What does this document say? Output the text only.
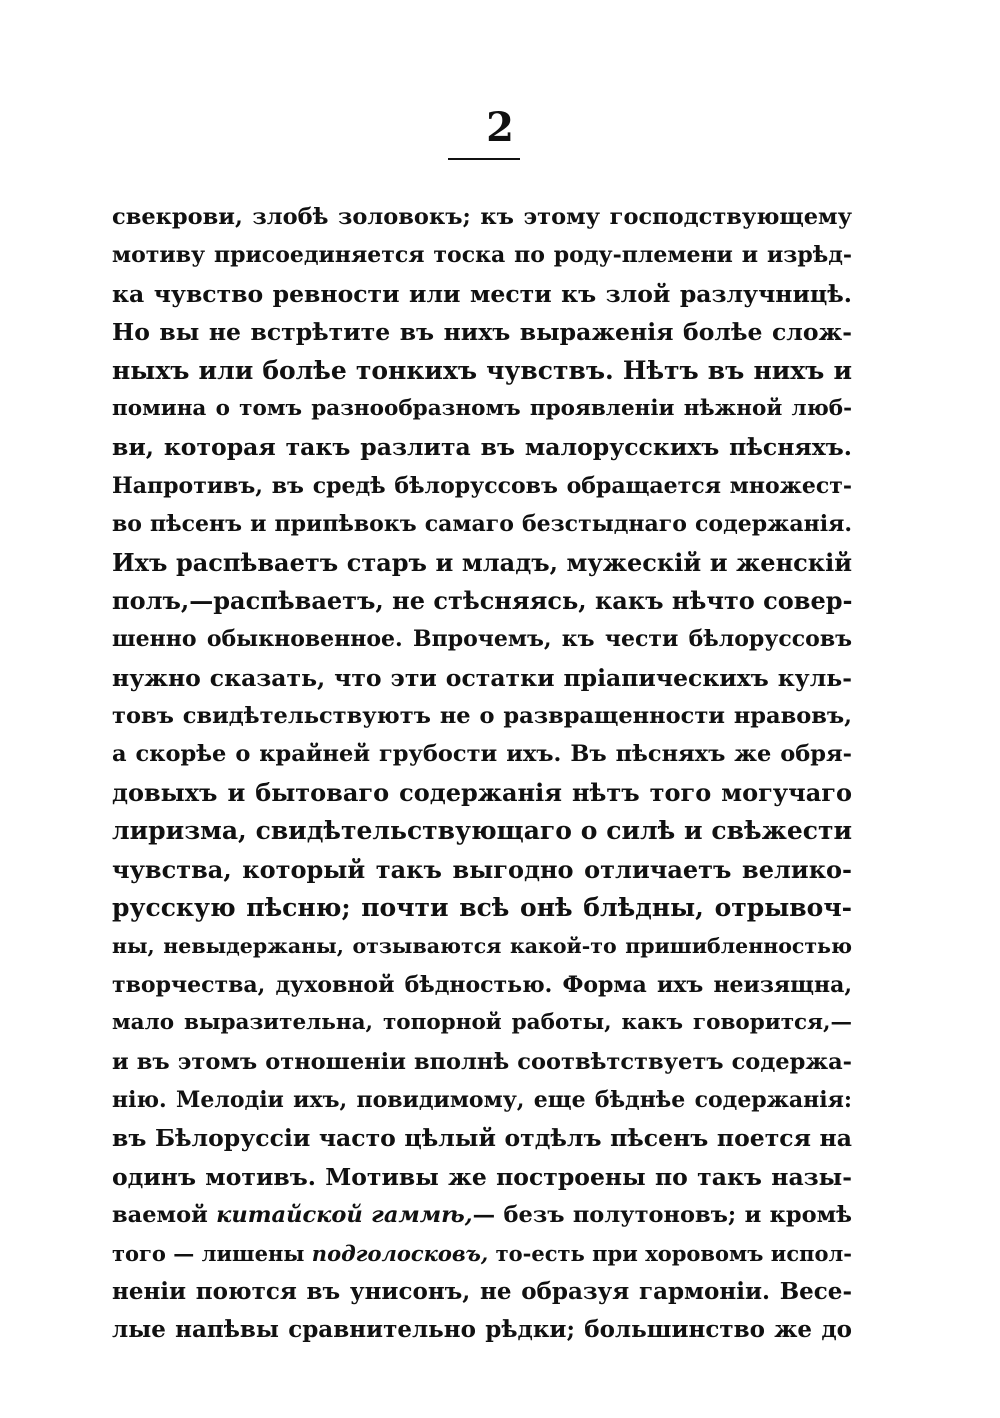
2
свекрови, злобѣ золовокъ; къ этому господствующему
мотиву присоединяется тоска по роду-племени и изрѣд-
ка чувство ревности или мести къ злой разлучницѣ.
Но вы не встрѣтите въ нихъ выраженія болѣе слож-
ныхъ или болѣе тонкихъ чувствъ. Нѣтъ въ нихъ и
помина о томъ разнообразномъ проявленіи нѣжной люб-
ви, которая такъ разлита въ малорусскихъ пѣсняхъ.
Напротивъ, въ средѣ бѣлоруссовъ обращается множест-
во пѣсенъ и припѣвокъ самаго безстыднаго содержанія.
Ихъ распѣваетъ старъ и младъ, мужескій и женскій
полъ,—распѣваетъ, не стѣсняясь, какъ нѣчто совер-
шенно обыкновенное. Впрочемъ, къ чести бѣлоруссовъ
нужно сказать, что эти остатки пріапическихъ куль-
товъ свидѣтельствуютъ не о развращенности нравовъ,
а скорѣе о крайней грубости ихъ. Въ пѣсняхъ же обря-
довыхъ и бытоваго содержанія нѣтъ того могучаго
лиризма, свидѣтельствующаго о силѣ и свѣжести
чувства, который такъ выгодно отличаетъ велико-
русскую пѣсню; почти всѣ онѣ блѣдны, отрывоч-
ны, невыдержаны, отзываются какой-то пришибленностью
творчества, духовной бѣдностью. Форма ихъ неизящна,
мало выразительна, топорной работы, какъ говорится,—
и въ этомъ отношеніи вполнѣ соотвѣтствуетъ содержа-
нію. Мелодіи ихъ, повидимому, еще бѣднѣе содержанія:
въ Бѣлоруссіи часто цѣлый отдѣлъ пѣсенъ поется на
одинъ мотивъ. Мотивы же построены по такъ назы-
ваемой китайской гаммѣ,— безъ полутоновъ; и кромѣ
того — лишены подголосковъ, то-есть при хоровомъ испол-
неніи поются въ унисонъ, не образуя гармоніи. Весе-
лые напѣвы сравнительно рѣдки; большинство же до
